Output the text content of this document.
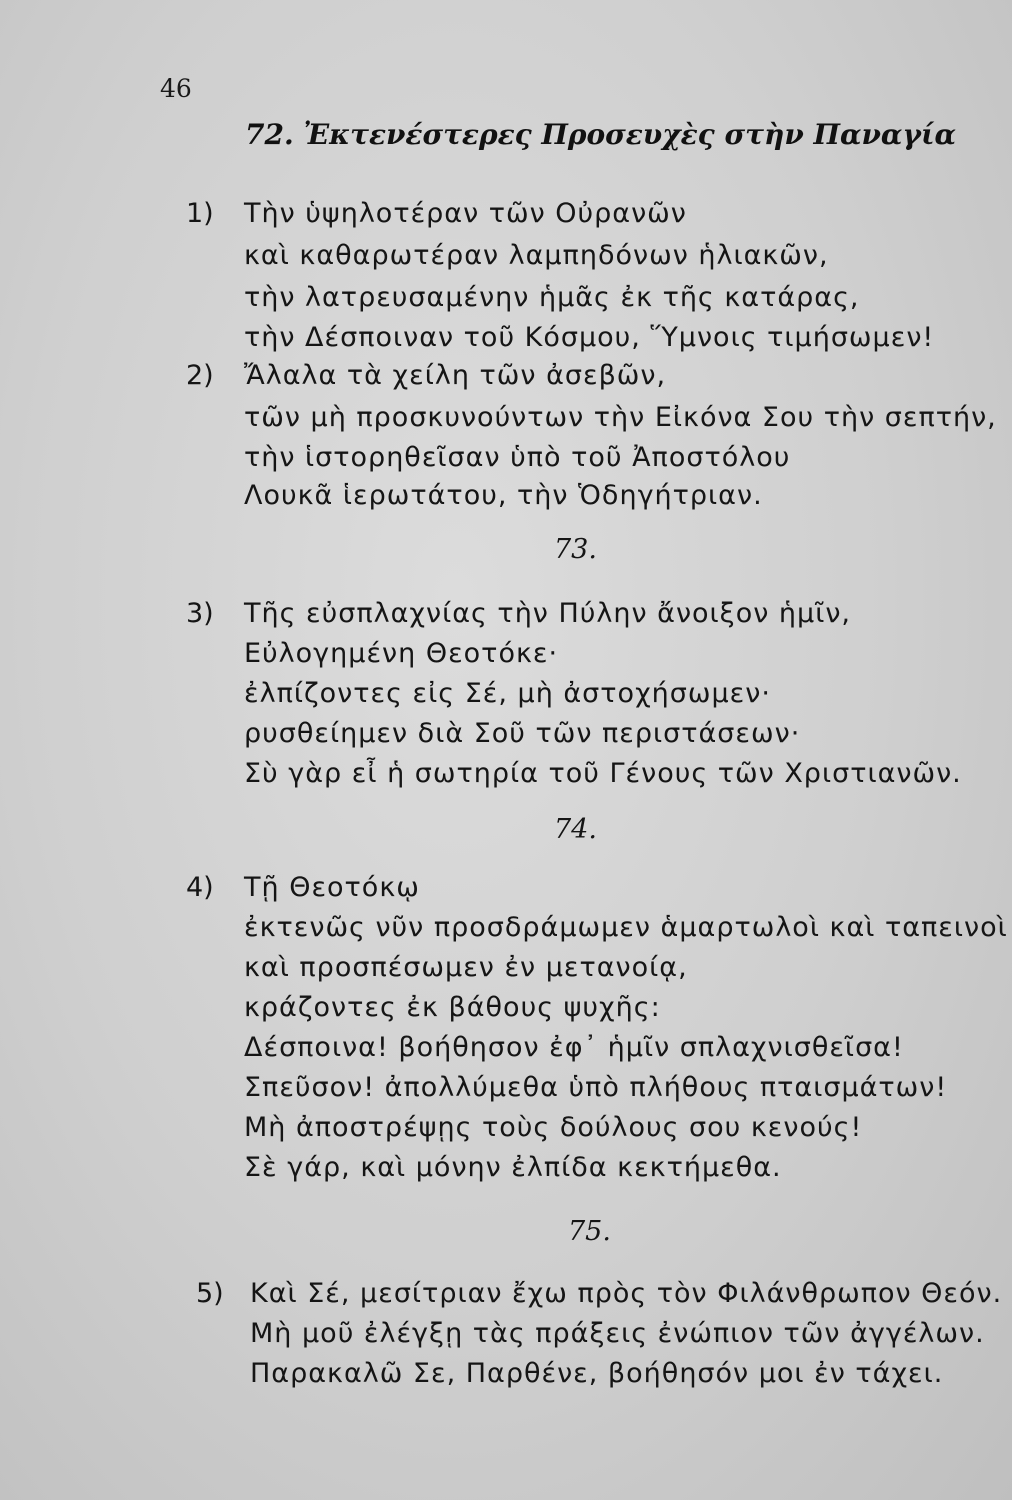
46
72. Ἐκτενέστερες Προσευχὲς στὴν Παναγία
1) Τὴν ὑψηλοτέραν τῶν Οὐρανῶν
καὶ καθαρωτέραν λαμπηδόνων ἡλιακῶν,
τὴν λατρευσαμένην ἡμᾶς ἐκ τῆς κατάρας,
τὴν Δέσποιναν τοῦ Κόσμου, Ὕμνοις τιμήσωμεν!
2) Ἄλαλα τὰ χείλη τῶν ἀσεβῶν,
τῶν μὴ προσκυνούντων τὴν Εἰκόνα Σου τὴν σεπτήν,
τὴν ἱστορηθεῖσαν ὑπὸ τοῦ Ἀποστόλου
Λουκᾶ ἱερωτάτου, τὴν Ὁδηγήτριαν.
73.
3) Τῆς εὐσπλαχνίας τὴν Πύλην ἄνοιξον ἡμῖν,
Εὐλογημένη Θεοτόκε·
ἐλπίζοντες εἰς Σέ, μὴ ἀστοχήσωμεν·
ρυσθείημεν διὰ Σοῦ τῶν περιστάσεων·
Σὺ γὰρ εἶ ἡ σωτηρία τοῦ Γένους τῶν Χριστιανῶν.
74.
4) Τῇ Θεοτόκῳ
ἐκτενῶς νῦν προσδράμωμεν ἁμαρτωλοὶ καὶ ταπεινοὶ
καὶ προσπέσωμεν ἐν μετανοίᾳ,
κράζοντες ἐκ βάθους ψυχῆς:
Δέσποινα! βοήθησον ἐφ᾽ ἡμῖν σπλαχνισθεῖσα!
Σπεῦσον! ἀπολλύμεθα ὑπὸ πλήθους πταισμάτων!
Μὴ ἀποστρέψῃς τοὺς δούλους σου κενούς!
Σὲ γάρ, καὶ μόνην ἐλπίδα κεκτήμεθα.
75.
5) Καὶ Σέ, μεσίτριαν ἔχω πρὸς τὸν Φιλάνθρωπον Θεόν.
Μὴ μοῦ ἐλέγξῃ τὰς πράξεις ἐνώπιον τῶν ἀγγέλων.
Παρακαλῶ Σε, Παρθένε, βοήθησόν μοι ἐν τάχει.
